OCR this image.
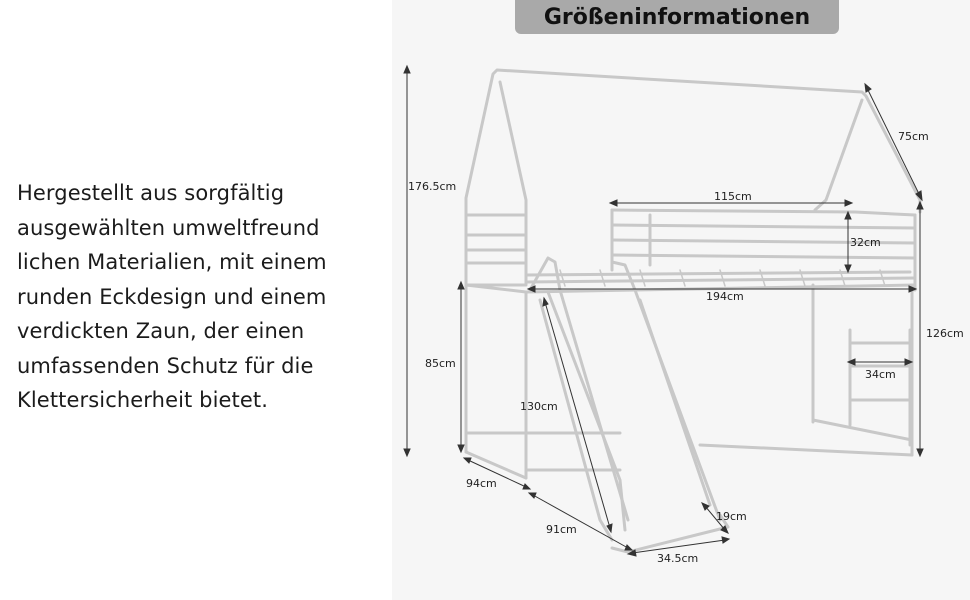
Hergestellt aus sorgfältig
ausgewählten umweltfreund
lichen Materialien, mit einem
runden Eckdesign und einem
verdickten Zaun, der einen
umfassenden Schutz für die
Klettersicherheit bietet.
176.5cm
75cm
115cm
32cm
194cm
126cm
85cm
34cm
130cm
94cm
91cm
19cm
34.5cm
Größeninformationen
